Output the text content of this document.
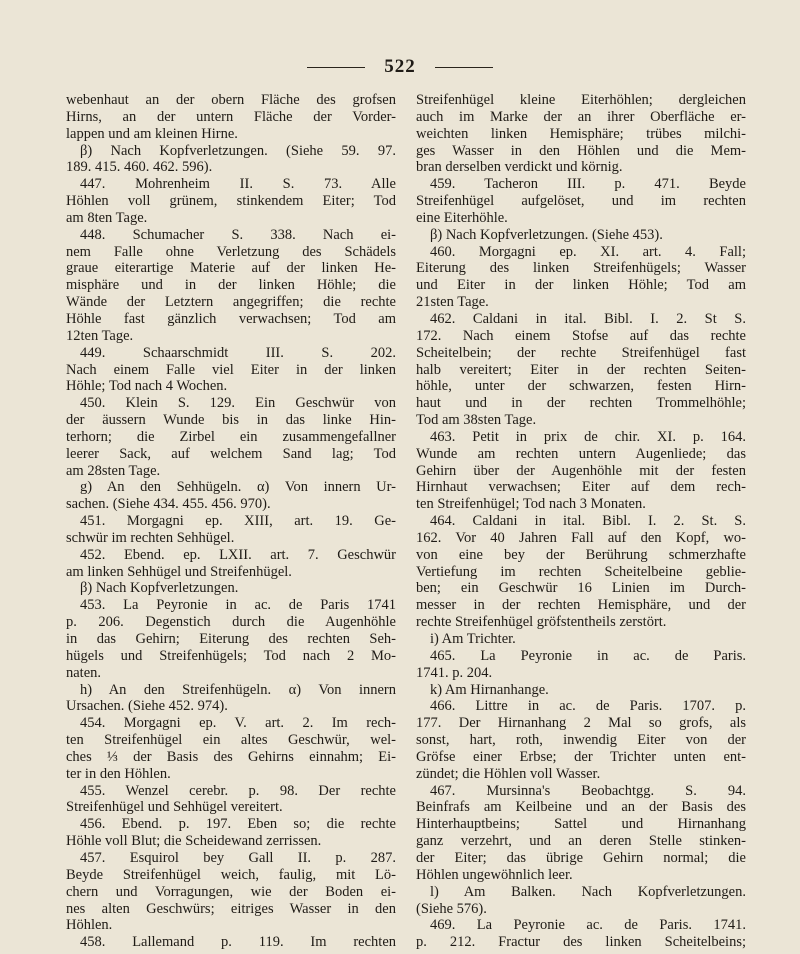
522
webenhaut an der obern Fläche des grofsen
Hirns, an der untern Fläche der Vorder-
lappen und am kleinen Hirne.
β) Nach Kopfverletzungen. (Siehe 59. 97.
189. 415. 460. 462. 596).
447. Mohrenheim II. S. 73. Alle
Höhlen voll grünem, stinkendem Eiter; Tod
am 8ten Tage.
448. Schumacher S. 338. Nach ei-
nem Falle ohne Verletzung des Schädels
graue eiterartige Materie auf der linken He-
misphäre und in der linken Höhle; die
Wände der Letztern angegriffen; die rechte
Höhle fast gänzlich verwachsen; Tod am
12ten Tage.
449. Schaarschmidt III. S. 202.
Nach einem Falle viel Eiter in der linken
Höhle; Tod nach 4 Wochen.
450. Klein S. 129. Ein Geschwür von
der äussern Wunde bis in das linke Hin-
terhorn; die Zirbel ein zusammengefallner
leerer Sack, auf welchem Sand lag; Tod
am 28sten Tage.
g) An den Sehhügeln. α) Von innern Ur-
sachen. (Siehe 434. 455. 456. 970).
451. Morgagni ep. XIII, art. 19. Ge-
schwür im rechten Sehhügel.
452. Ebend. ep. LXII. art. 7. Geschwür
am linken Sehhügel und Streifenhügel.
β) Nach Kopfverletzungen.
453. La Peyronie in ac. de Paris 1741
p. 206. Degenstich durch die Augenhöhle
in das Gehirn; Eiterung des rechten Seh-
hügels und Streifenhügels; Tod nach 2 Mo-
naten.
h) An den Streifenhügeln. α) Von innern
Ursachen. (Siehe 452. 974).
454. Morgagni ep. V. art. 2. Im rech-
ten Streifenhügel ein altes Geschwür, wel-
ches ⅓ der Basis des Gehirns einnahm; Ei-
ter in den Höhlen.
455. Wenzel cerebr. p. 98. Der rechte
Streifenhügel und Sehhügel vereitert.
456. Ebend. p. 197. Eben so; die rechte
Höhle voll Blut; die Scheidewand zerrissen.
457. Esquirol bey Gall II. p. 287.
Beyde Streifenhügel weich, faulig, mit Lö-
chern und Vorragungen, wie der Boden ei-
nes alten Geschwürs; eitriges Wasser in den
Höhlen.
458. Lallemand p. 119. Im rechten
Streifenhügel kleine Eiterhöhlen; dergleichen
auch im Marke der an ihrer Oberfläche er-
weichten linken Hemisphäre; trübes milchi-
ges Wasser in den Höhlen und die Mem-
bran derselben verdickt und körnig.
459. Tacheron III. p. 471. Beyde
Streifenhügel aufgelöset, und im rechten
eine Eiterhöhle.
β) Nach Kopfverletzungen. (Siehe 453).
460. Morgagni ep. XI. art. 4. Fall;
Eiterung des linken Streifenhügels; Wasser
und Eiter in der linken Höhle; Tod am
21sten Tage.
462. Caldani in ital. Bibl. I. 2. St S.
172. Nach einem Stofse auf das rechte
Scheitelbein; der rechte Streifenhügel fast
halb vereitert; Eiter in der rechten Seiten-
höhle, unter der schwarzen, festen Hirn-
haut und in der rechten Trommelhöhle;
Tod am 38sten Tage.
463. Petit in prix de chir. XI. p. 164.
Wunde am rechten untern Augenliede; das
Gehirn über der Augenhöhle mit der festen
Hirnhaut verwachsen; Eiter auf dem rech-
ten Streifenhügel; Tod nach 3 Monaten.
464. Caldani in ital. Bibl. I. 2. St. S.
162. Vor 40 Jahren Fall auf den Kopf, wo-
von eine bey der Berührung schmerzhafte
Vertiefung im rechten Scheitelbeine geblie-
ben; ein Geschwür 16 Linien im Durch-
messer in der rechten Hemisphäre, und der
rechte Streifenhügel gröfstentheils zerstört.
i) Am Trichter.
465. La Peyronie in ac. de Paris.
1741. p. 204.
k) Am Hirnanhange.
466. Littre in ac. de Paris. 1707. p.
177. Der Hirnanhang 2 Mal so grofs, als
sonst, hart, roth, inwendig Eiter von der
Gröfse einer Erbse; der Trichter unten ent-
zündet; die Höhlen voll Wasser.
467. Mursinna's Beobachtgg. S. 94.
Beinfrafs am Keilbeine und an der Basis des
Hinterhauptbeins; Sattel und Hirnanhang
ganz verzehrt, und an deren Stelle stinken-
der Eiter; das übrige Gehirn normal; die
Höhlen ungewöhnlich leer.
l) Am Balken. Nach Kopfverletzungen.
(Siehe 576).
469. La Peyronie ac. de Paris. 1741.
p. 212. Fractur des linken Scheitelbeins;
